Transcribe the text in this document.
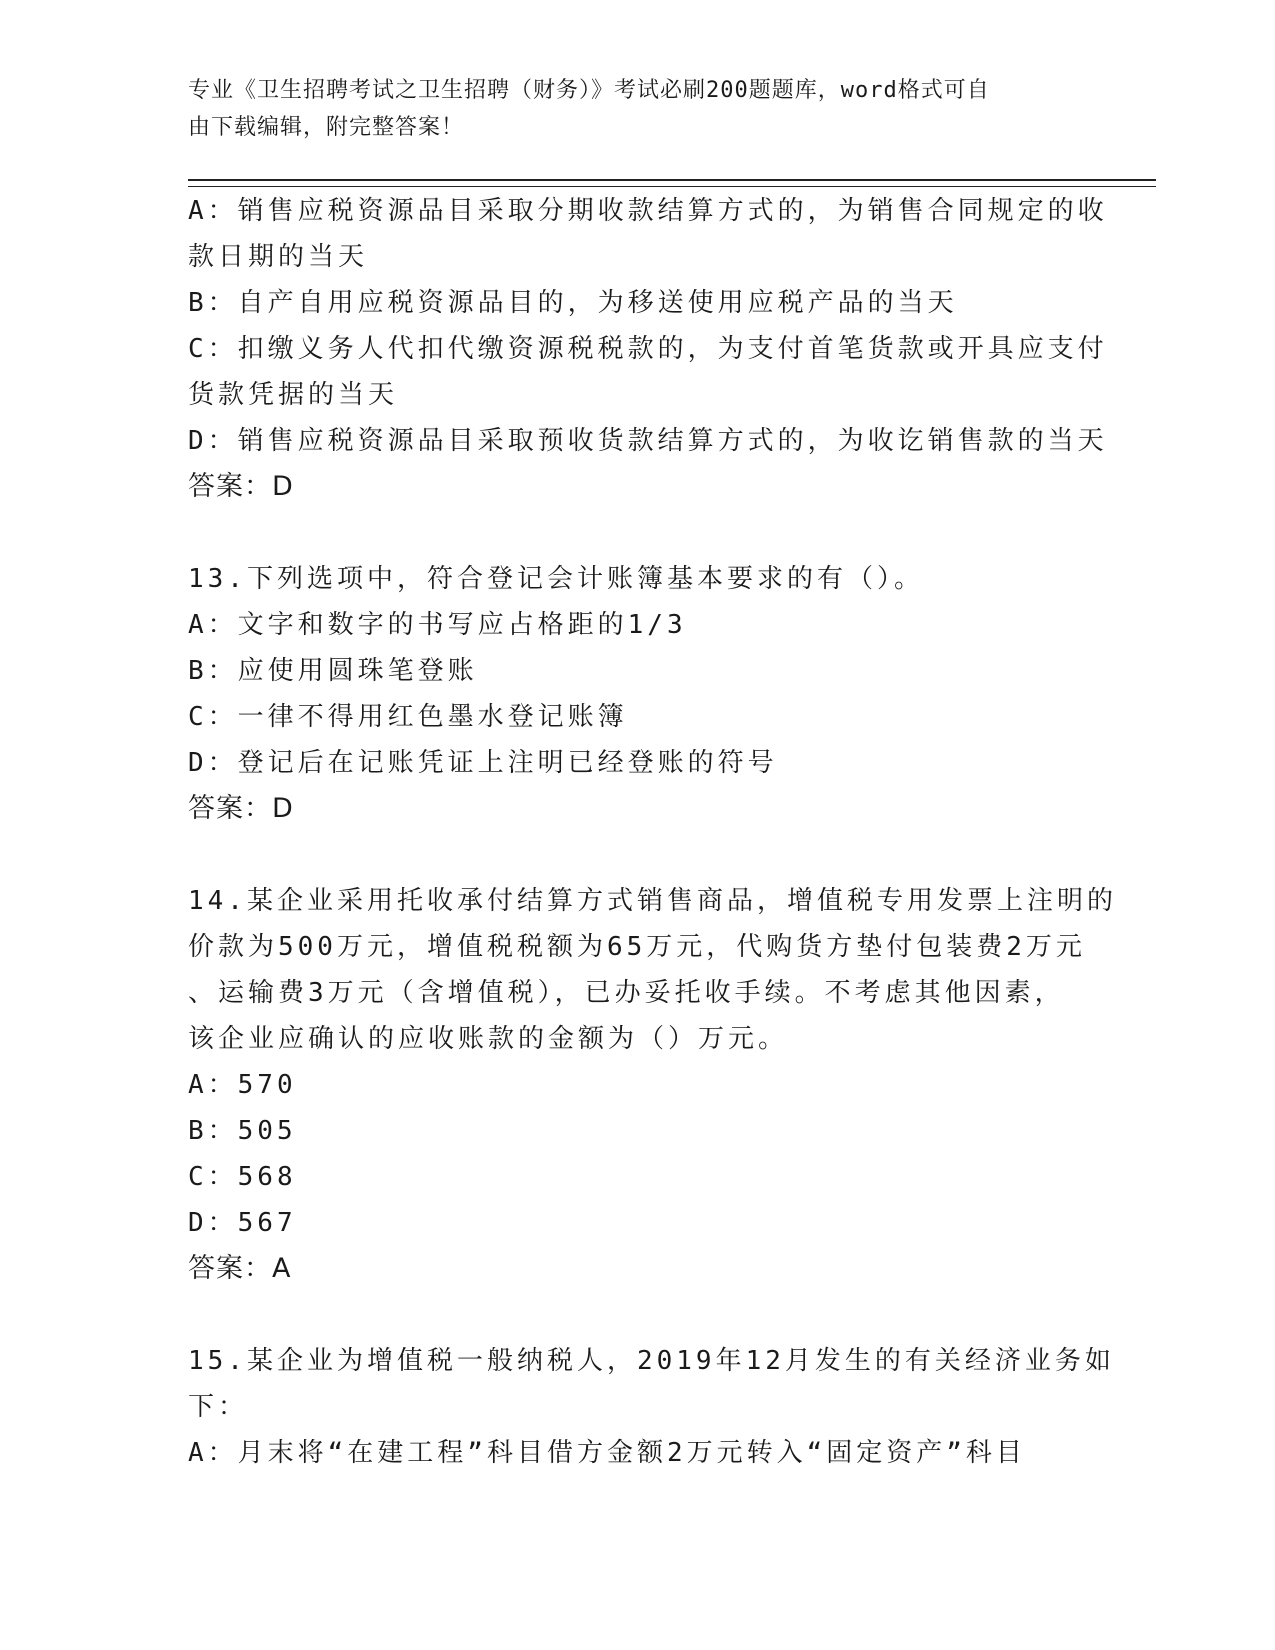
专业《卫生招聘考试之卫生招聘（财务）》考试必刷200题题库，word格式可自
由下载编辑，附完整答案！
A：销售应税资源品目采取分期收款结算方式的，为销售合同规定的收
款日期的当天
B：自产自用应税资源品目的，为移送使用应税产品的当天
C：扣缴义务人代扣代缴资源税税款的，为支付首笔货款或开具应支付
货款凭据的当天
D：销售应税资源品目采取预收货款结算方式的，为收讫销售款的当天
答案：D
13.下列选项中，符合登记会计账簿基本要求的有（）。
A：文字和数字的书写应占格距的1/3
B：应使用圆珠笔登账
C：一律不得用红色墨水登记账簿
D：登记后在记账凭证上注明已经登账的符号
答案：D
14.某企业采用托收承付结算方式销售商品，增值税专用发票上注明的
价款为500万元，增值税税额为65万元，代购货方垫付包装费2万元
、运输费3万元（含增值税），已办妥托收手续。不考虑其他因素，
该企业应确认的应收账款的金额为（）万元。
A：570
B：505
C：568
D：567
答案：A
15.某企业为增值税一般纳税人，2019年12月发生的有关经济业务如
下：
A：月末将“在建工程”科目借方金额2万元转入“固定资产”科目
